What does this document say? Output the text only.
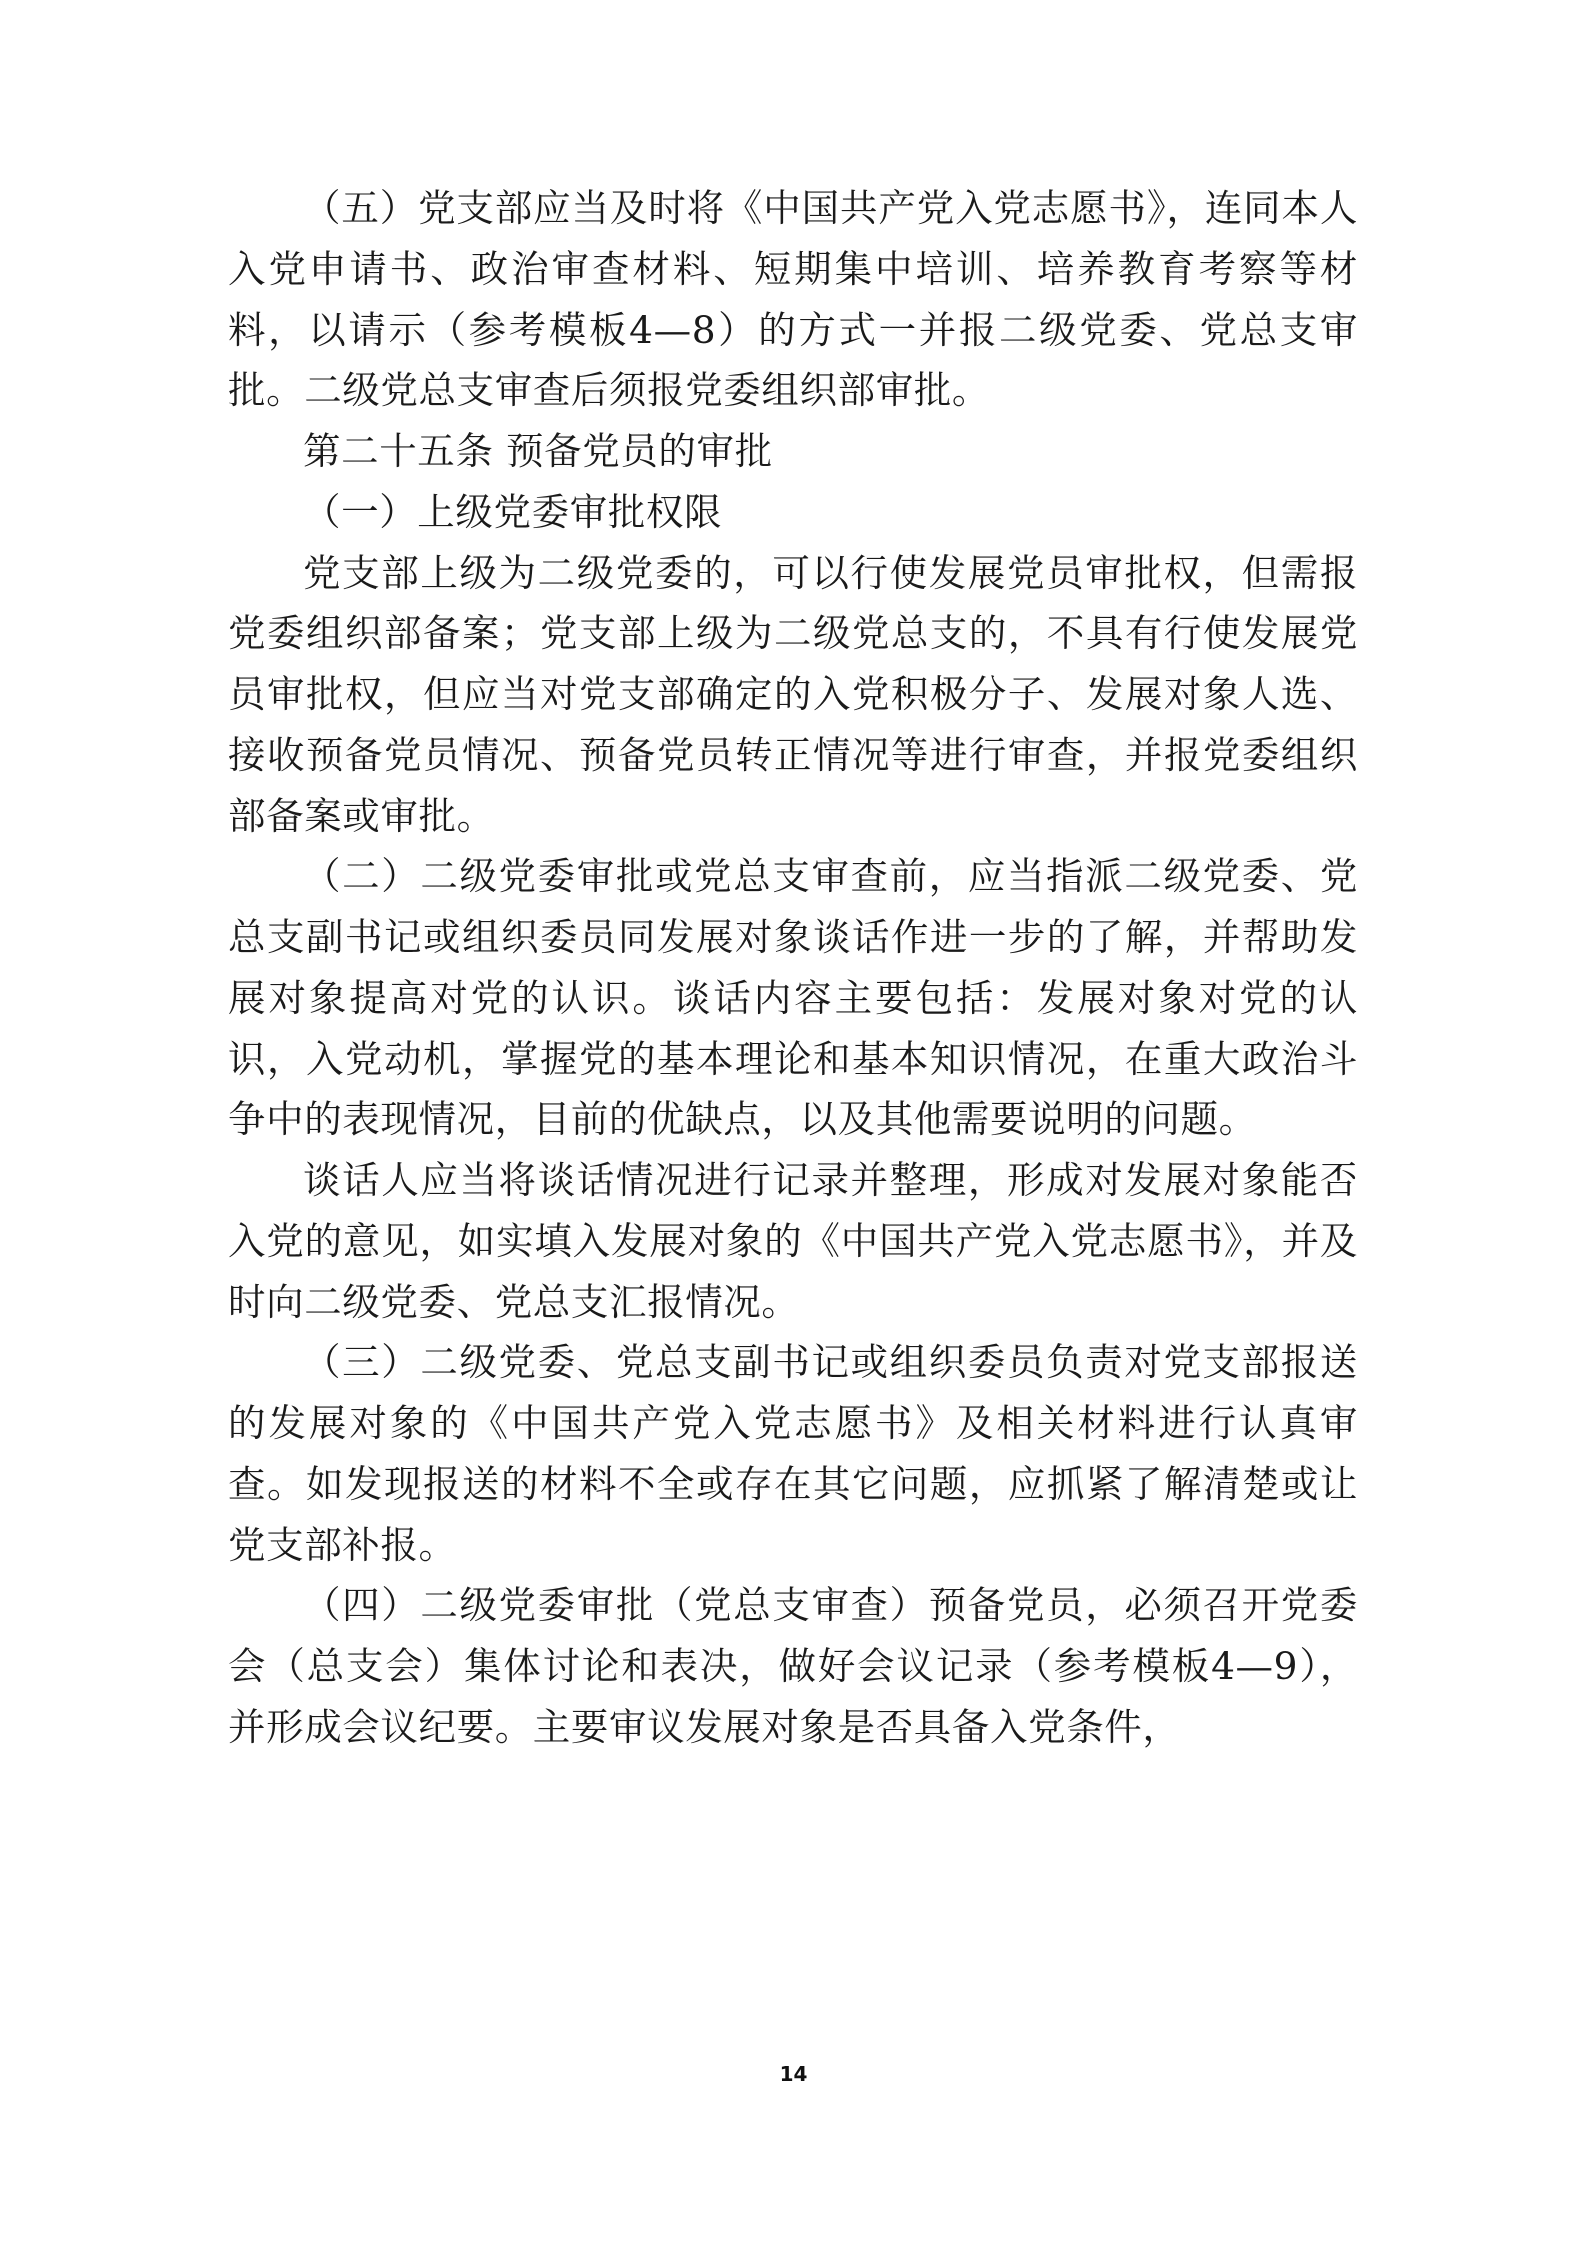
（五）党支部应当及时将《中国共产党入党志愿书》，连同本人入党申请书、政治审查材料、短期集中培训、培养教育考察等材料，以请示（参考模板4—8）的方式一并报二级党委、党总支审批。二级党总支审查后须报党委组织部审批。

第二十五条 预备党员的审批

（一）上级党委审批权限

党支部上级为二级党委的，可以行使发展党员审批权，但需报党委组织部备案；党支部上级为二级党总支的，不具有行使发展党员审批权，但应当对党支部确定的入党积极分子、发展对象人选、接收预备党员情况、预备党员转正情况等进行审查，并报党委组织部备案或审批。

（二）二级党委审批或党总支审查前，应当指派二级党委、党总支副书记或组织委员同发展对象谈话作进一步的了解，并帮助发展对象提高对党的认识。谈话内容主要包括：发展对象对党的认识，入党动机，掌握党的基本理论和基本知识情况，在重大政治斗争中的表现情况，目前的优缺点，以及其他需要说明的问题。

谈话人应当将谈话情况进行记录并整理，形成对发展对象能否入党的意见，如实填入发展对象的《中国共产党入党志愿书》，并及时向二级党委、党总支汇报情况。

（三）二级党委、党总支副书记或组织委员负责对党支部报送的发展对象的《中国共产党入党志愿书》及相关材料进行认真审查。如发现报送的材料不全或存在其它问题，应抓紧了解清楚或让党支部补报。

（四）二级党委审批（党总支审查）预备党员，必须召开党委会（总支会）集体讨论和表决，做好会议记录（参考模板4—9），并形成会议纪要。主要审议发展对象是否具备入党条件，

14
